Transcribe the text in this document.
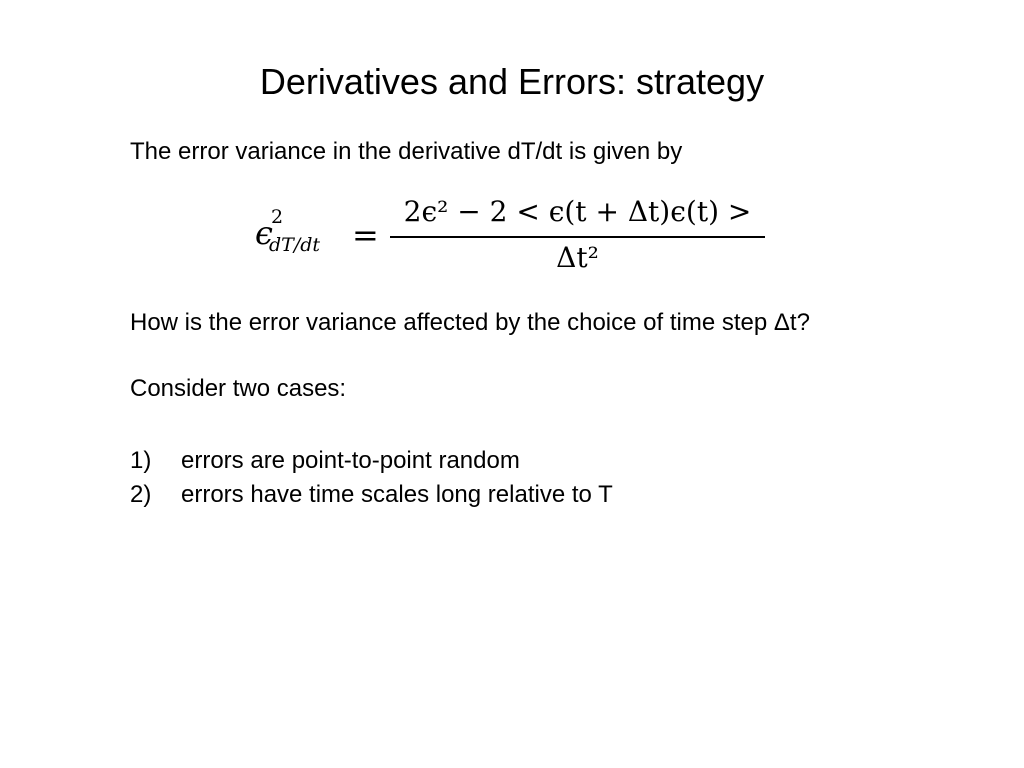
Derivatives and Errors: strategy
The error variance in the derivative dT/dt is given by
ϵ
2
dT/dt =
2ϵ² − 2 < ϵ(t + Δt)ϵ(t) >
Δt²
How is the error variance affected by the choice of time step Δt?
Consider two cases:
1) errors are point-to-point random
2) errors have time scales long relative to T
